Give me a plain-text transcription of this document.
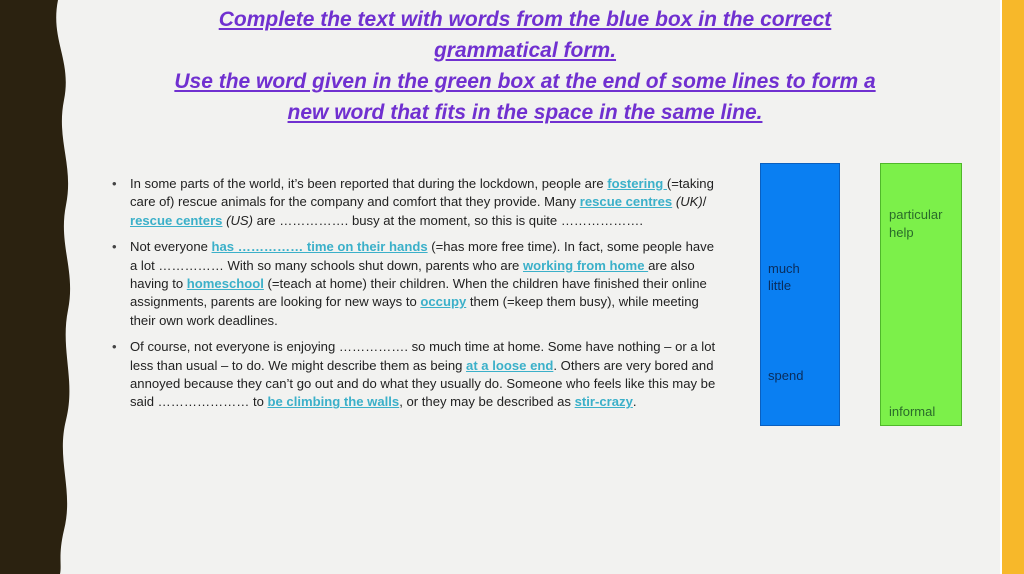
Complete the text with words from the blue box in the correct
grammatical form.
Use the word given in the green box at the end of some lines to form a
new word that fits in the space in the same line.
• In some parts of the world, it’s been reported that during the lockdown, people are fostering (=taking care of) rescue animals for the company and comfort that they provide. Many rescue centres (UK)/ rescue centers (US) are ……………. busy at the moment, so this is quite ……………….
• Not everyone has …………… time on their hands (=has more free time). In fact, some people have a lot …………… With so many schools shut down, parents who are working from home are also having to homeschool (=teach at home) their children. When the children have finished their online assignments, parents are looking for new ways to occupy them (=keep them busy), while meeting their own work deadlines.
• Of course, not everyone is enjoying ……………. so much time at home. Some have nothing – or a lot less than usual – to do. We might describe them as being at a loose end. Others are very bored and annoyed because they can’t go out and do what they usually do. Someone who feels like this may be said ………………… to be climbing the walls, or they may be described as stir-crazy.
much
little
spend
particular
help
informal
